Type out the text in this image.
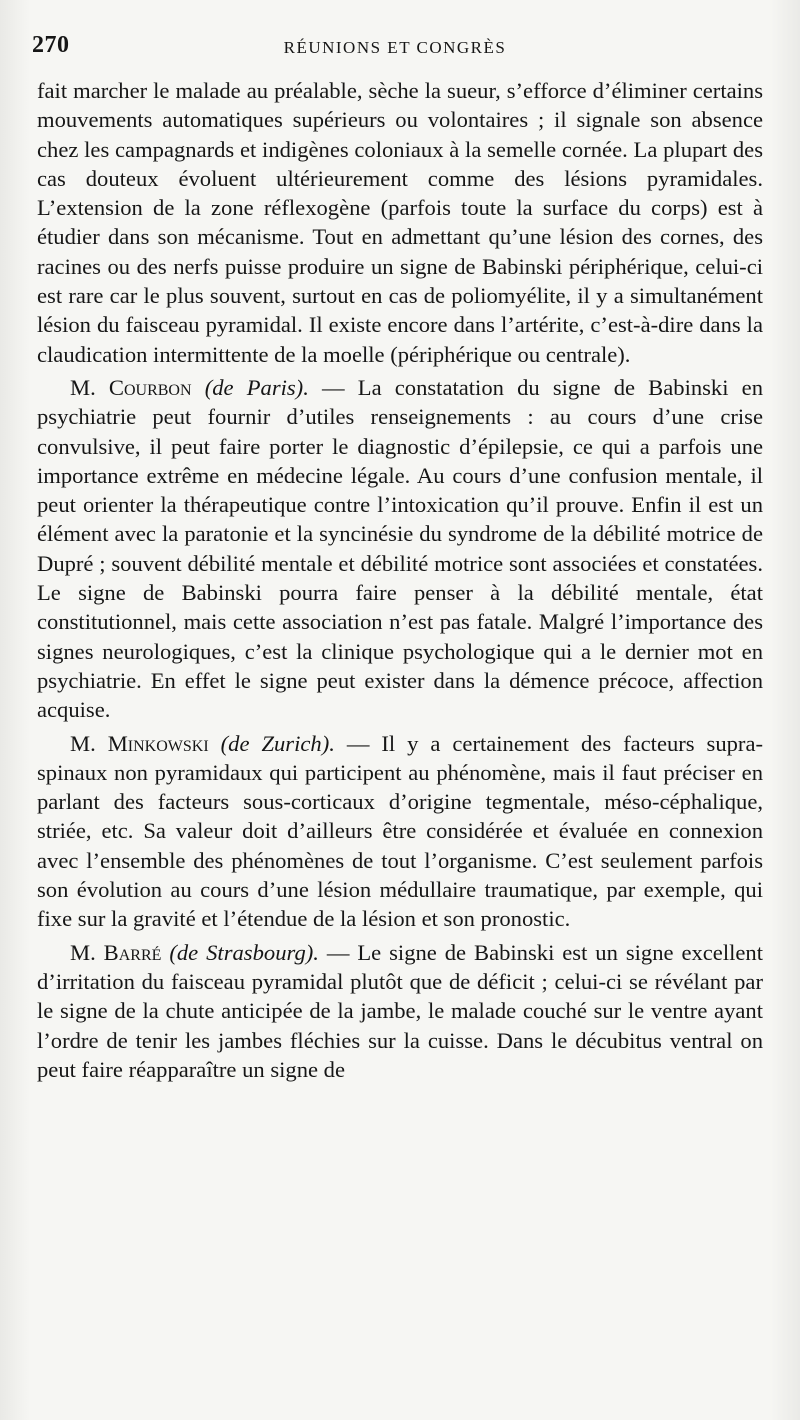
270	RÉUNIONS ET CONGRÈS

fait marcher le malade au préalable, sèche la sueur, s’efforce d’éliminer certains mouvements automatiques supérieurs ou volontaires ; il signale son absence chez les campagnards et indigènes coloniaux à la semelle cornée. La plupart des cas douteux évoluent ultérieurement comme des lésions pyramidales. L’extension de la zone réflexogène (parfois toute la surface du corps) est à étudier dans son mécanisme. Tout en admettant qu’une lésion des cornes, des racines ou des nerfs puisse produire un signe de Babinski périphérique, celui-ci est rare car le plus souvent, surtout en cas de poliomyélite, il y a simultanément lésion du faisceau pyramidal. Il existe encore dans l’artérite, c’est-à-dire dans la claudication intermittente de la moelle (périphérique ou centrale).

M. Courbon (de Paris). — La constatation du signe de Babinski en psychiatrie peut fournir d’utiles renseignements : au cours d’une crise convulsive, il peut faire porter le diagnostic d’épilepsie, ce qui a parfois une importance extrême en médecine légale. Au cours d’une confusion mentale, il peut orienter la thérapeutique contre l’intoxication qu’il prouve. Enfin il est un élément avec la paratonie et la syncinésie du syndrome de la débilité motrice de Dupré ; souvent débilité mentale et débilité motrice sont associées et constatées. Le signe de Babinski pourra faire penser à la débilité mentale, état constitutionnel, mais cette association n’est pas fatale. Malgré l’importance des signes neurologiques, c’est la clinique psychologique qui a le dernier mot en psychiatrie. En effet le signe peut exister dans la démence précoce, affection acquise.

M. Minkowski (de Zurich). — Il y a certainement des facteurs supra-spinaux non pyramidaux qui participent au phénomène, mais il faut préciser en parlant des facteurs sous-corticaux d’origine tegmentale, méso-céphalique, striée, etc. Sa valeur doit d’ailleurs être considérée et évaluée en connexion avec l’ensemble des phénomènes de tout l’organisme. C’est seulement parfois son évolution au cours d’une lésion médullaire traumatique, par exemple, qui fixe sur la gravité et l’étendue de la lésion et son pronostic.

M. Barré (de Strasbourg). — Le signe de Babinski est un signe excellent d’irritation du faisceau pyramidal plutôt que de déficit ; celui-ci se révélant par le signe de la chute anticipée de la jambe, le malade couché sur le ventre ayant l’ordre de tenir les jambes fléchies sur la cuisse. Dans le décubitus ventral on peut faire réapparaître un signe de
